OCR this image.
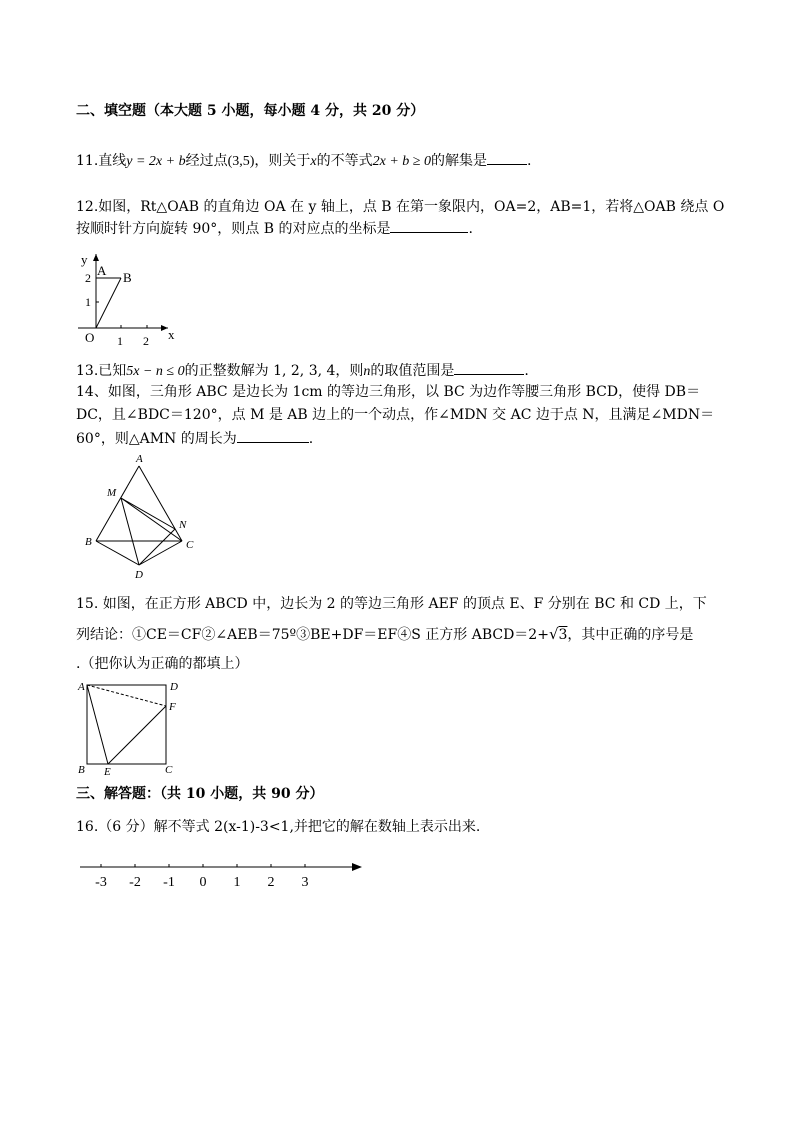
二、填空题（本大题 5 小题，每小题 4 分，共 20 分）
11.直线y = 2x + b经过点(3,5)，则关于x的不等式2x + b ≥ 0的解集是	.
12.如图，Rt△OAB 的直角边 OA 在 y 轴上，点 B 在第一象限内，OA=2，AB=1，若将△OAB 绕点 O
按顺时针方向旋转 90°，则点 B 的对应点的坐标是	.
y
x
A B
O
1
2
1 2
13.已知5x − n ≤ 0的正整数解为 1, 2, 3, 4，则n的取值范围是	.
14、如图，三角形 ABC 是边长为 1cm 的等边三角形，以 BC 为边作等腰三角形 BCD，使得 DB＝
DC，且∠BDC＝120°，点 M 是 AB 边上的一个动点，作∠MDN 交 AC 边于点 N，且满足∠MDN＝
60°，则△AMN 的周长为	.
A
B	C
D
M
N
15. 如图，在正方形 ABCD 中，边长为 2 的等边三角形 AEF 的顶点 E、F 分别在 BC 和 CD 上，下
列结论：①CE＝CF②∠AEB＝75º③BE+DF＝EF④S 正方形 ABCD＝2+√3，其中正确的序号是
.（把你认为正确的都填上）
A	D
F
B E	C
三、解答题：（共 10 小题，共 90 分）
16.（6 分）解不等式 2(x-1)-3<1,并把它的解在数轴上表示出来.
-3 -2 -1 0 1 2 3
